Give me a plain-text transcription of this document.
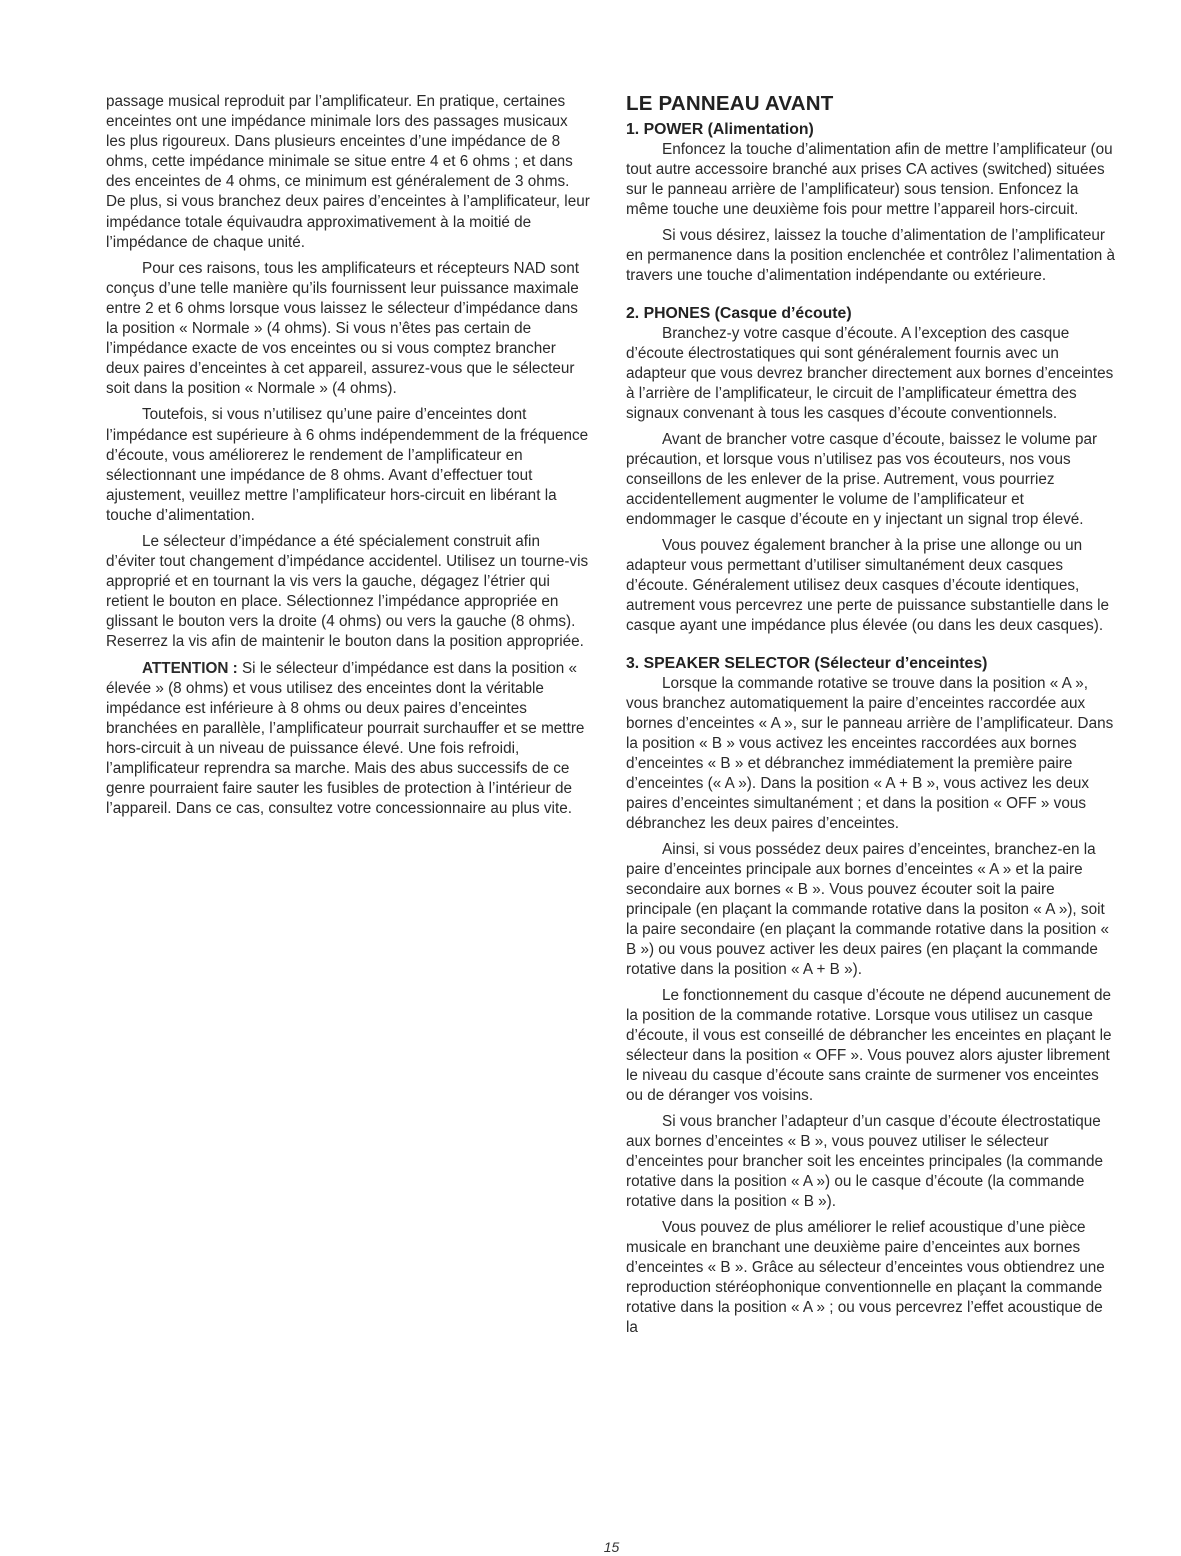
passage musical reproduit par l’amplificateur. En pratique, certaines enceintes ont une impédance minimale lors des passages musicaux les plus rigoureux. Dans plusieurs enceintes d’une impédance de 8 ohms, cette impédance minimale se situe entre 4 et 6 ohms ; et dans des enceintes de 4 ohms, ce minimum est généralement de 3 ohms. De plus, si vous branchez deux paires d’enceintes à l’amplificateur, leur impédance totale équivaudra approximativement à la moitié de l’impédance de chaque unité.

Pour ces raisons, tous les amplificateurs et récepteurs NAD sont conçus d’une telle manière qu’ils fournissent leur puissance maximale entre 2 et 6 ohms lorsque vous laissez le sélecteur d’impédance dans la position « Normale » (4 ohms). Si vous n’êtes pas certain de l’impédance exacte de vos enceintes ou si vous comptez brancher deux paires d’enceintes à cet appareil, assurez-vous que le sélecteur soit dans la position « Normale » (4 ohms).

Toutefois, si vous n’utilisez qu’une paire d’enceintes dont l’impédance est supérieure à 6 ohms indépendemment de la fréquence d’écoute, vous améliorerez le rendement de l’amplificateur en sélectionnant une impédance de 8 ohms. Avant d’effectuer tout ajustement, veuillez mettre l’amplificateur hors-circuit en libérant la touche d’alimentation.

Le sélecteur d’impédance a été spécialement construit afin d’éviter tout changement d’impédance accidentel. Utilisez un tourne-vis approprié et en tournant la vis vers la gauche, dégagez l’étrier qui retient le bouton en place. Sélectionnez l’impédance appropriée en glissant le bouton vers la droite (4 ohms) ou vers la gauche (8 ohms). Reserrez la vis afin de maintenir le bouton dans la position appropriée.

ATTENTION : Si le sélecteur d’impédance est dans la position « élevée » (8 ohms) et vous utilisez des enceintes dont la véritable impédance est inférieure à 8 ohms ou deux paires d’enceintes branchées en parallèle, l’amplificateur pourrait surchauffer et se mettre hors-circuit à un niveau de puissance élevé. Une fois refroidi, l’amplificateur reprendra sa marche. Mais des abus successifs de ce genre pourraient faire sauter les fusibles de protection à l’intérieur de l’appareil. Dans ce cas, consultez votre concessionnaire au plus vite.

LE PANNEAU AVANT
1. POWER (Alimentation)

Enfoncez la touche d’alimentation afin de mettre l’amplificateur (ou tout autre accessoire branché aux prises CA actives (switched) situées sur le panneau arrière de l’amplificateur) sous tension. Enfoncez la même touche une deuxième fois pour mettre l’appareil hors-circuit.

Si vous désirez, laissez la touche d’alimentation de l’amplificateur en permanence dans la position enclenchée et contrôlez l’alimentation à travers une touche d’alimentation indépendante ou extérieure.

2. PHONES (Casque d’écoute)

Branchez-y votre casque d’écoute. A l’exception des casque d’écoute électrostatiques qui sont généralement fournis avec un adapteur que vous devrez brancher directement aux bornes d’enceintes à l’arrière de l’amplificateur, le circuit de l’amplificateur émettra des signaux convenant à tous les casques d’écoute conventionnels.

Avant de brancher votre casque d’écoute, baissez le volume par précaution, et lorsque vous n’utilisez pas vos écouteurs, nos vous conseillons de les enlever de la prise. Autrement, vous pourriez accidentellement augmenter le volume de l’amplificateur et endommager le casque d’écoute en y injectant un signal trop élevé.

Vous pouvez également brancher à la prise une allonge ou un adapteur vous permettant d’utiliser simultanément deux casques d’écoute. Généralement utilisez deux casques d’écoute identiques, autrement vous percevrez une perte de puissance substantielle dans le casque ayant une impédance plus élevée (ou dans les deux casques).

3. SPEAKER SELECTOR (Sélecteur d’enceintes)

Lorsque la commande rotative se trouve dans la position « A », vous branchez automatiquement la paire d’enceintes raccordée aux bornes d’enceintes « A », sur le panneau arrière de l’amplificateur. Dans la position « B » vous activez les enceintes raccordées aux bornes d’enceintes « B » et débranchez immédiatement la première paire d’enceintes (« A »). Dans la position « A + B », vous activez les deux paires d’enceintes simultanément ; et dans la position « OFF » vous débranchez les deux paires d’enceintes.

Ainsi, si vous possédez deux paires d’enceintes, branchez-en la paire d’enceintes principale aux bornes d’enceintes « A » et la paire secondaire aux bornes « B ». Vous pouvez écouter soit la paire principale (en plaçant la commande rotative dans la positon « A »), soit la paire secondaire (en plaçant la commande rotative dans la position « B ») ou vous pouvez activer les deux paires (en plaçant la commande rotative dans la position « A + B »).

Le fonctionnement du casque d’écoute ne dépend aucunement de la position de la commande rotative. Lorsque vous utilisez un casque d’écoute, il vous est conseillé de débrancher les enceintes en plaçant le sélecteur dans la position « OFF ». Vous pouvez alors ajuster librement le niveau du casque d’écoute sans crainte de surmener vos enceintes ou de déranger vos voisins.

Si vous brancher l’adapteur d’un casque d’écoute électrostatique aux bornes d’enceintes « B », vous pouvez utiliser le sélecteur d’enceintes pour brancher soit les enceintes principales (la commande rotative dans la position « A ») ou le casque d’écoute (la commande rotative dans la position « B »).

Vous pouvez de plus améliorer le relief acoustique d’une pièce musicale en branchant une deuxième paire d’enceintes aux bornes d’enceintes « B ». Grâce au sélecteur d’enceintes vous obtiendrez une reproduction stéréophonique conventionnelle en plaçant la commande rotative dans la position « A » ; ou vous percevrez l’effet acoustique de la

15
